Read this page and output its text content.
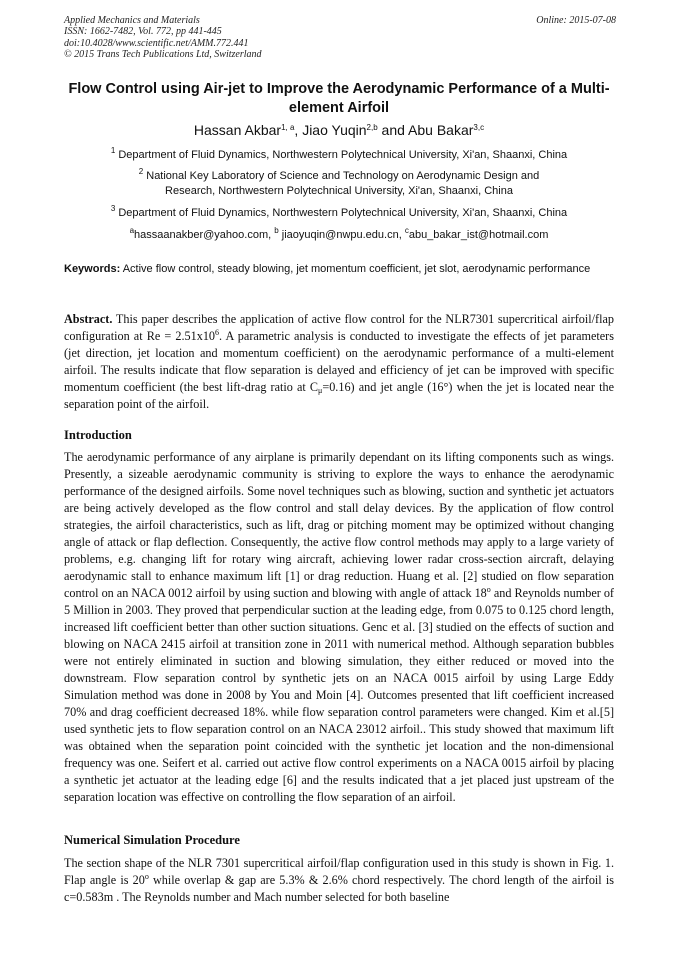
Applied Mechanics and Materials
ISSN: 1662-7482, Vol. 772, pp 441-445
doi:10.4028/www.scientific.net/AMM.772.441
© 2015 Trans Tech Publications Ltd, Switzerland
Online: 2015-07-08
Flow Control using Air-jet to Improve the Aerodynamic Performance of a Multi-element Airfoil
Hassan Akbar$^{1, a}$, Jiao Yuqin$^{2,b}$ and Abu Bakar$^{3,c}$
$^1$ Department of Fluid Dynamics, Northwestern Polytechnical University, Xi'an, Shaanxi, China
$^2$ National Key Laboratory of Science and Technology on Aerodynamic Design and Research, Northwestern Polytechnical University, Xi'an, Shaanxi, China
$^3$ Department of Fluid Dynamics, Northwestern Polytechnical University, Xi'an, Shaanxi, China
$^a$hassaanakber@yahoo.com, $^b$ jiaoyuqin@nwpu.edu.cn, $^c$abu_bakar_ist@hotmail.com
Keywords: Active flow control, steady blowing, jet momentum coefficient, jet slot, aerodynamic performance
Abstract. This paper describes the application of active flow control for the NLR7301 supercritical airfoil/flap configuration at $Re = 2.51x10^6$. A parametric analysis is conducted to investigate the effects of jet parameters (jet direction, jet location and momentum coefficient) on the aerodynamic performance of a multi-element airfoil. The results indicate that flow separation is delayed and efficiency of jet can be improved with specific momentum coefficient (the best lift-drag ratio at $C_\mu=0.16$) and jet angle (16°) when the jet is located near the separation point of the airfoil.
Introduction
The aerodynamic performance of any airplane is primarily dependant on its lifting components such as wings. Presently, a sizeable aerodynamic community is striving to explore the ways to enhance the aerodynamic performance of the designed airfoils. Some novel techniques such as blowing, suction and synthetic jet actuators are being actively developed as the flow control and stall delay devices. By the application of flow control strategies, the airfoil characteristics, such as lift, drag or pitching moment may be optimized without changing angle of attack or flap deflection. Consequently, the active flow control methods may apply to a large variety of problems, e.g. changing lift for rotary wing aircraft, achieving lower radar cross-section aircraft, delaying aerodynamic stall to enhance maximum lift [1] or drag reduction. Huang et al. [2] studied on flow separation control on an NACA 0012 airfoil by using suction and blowing with angle of attack 18$^o$ and Reynolds number of 5 Million in 2003. They proved that perpendicular suction at the leading edge, from 0.075 to 0.125 chord length, increased lift coefficient better than other suction situations. Genc et al. [3] studied on the effects of suction and blowing on NACA 2415 airfoil at transition zone in 2011 with numerical method. Although separation bubbles were not entirely eliminated in suction and blowing simulation, they either reduced or moved into the downstream. Flow separation control by synthetic jets on an NACA 0015 airfoil by using Large Eddy Simulation method was done in 2008 by You and Moin [4]. Outcomes presented that lift coefficient increased 70% and drag coefficient decreased 18%. while flow separation control parameters were changed. Kim et al.[5] used synthetic jets to flow separation control on an NACA 23012 airfoil.. This study showed that maximum lift was obtained when the separation point coincided with the synthetic jet location and the non-dimensional frequency was one. Seifert et al. carried out active flow control experiments on a NACA 0015 airfoil by placing a synthetic jet actuator at the leading edge [6] and the results indicated that a jet placed just upstream of the separation location was effective on controlling the flow separation of an airfoil.
Numerical Simulation Procedure
The section shape of the NLR 7301 supercritical airfoil/flap configuration used in this study is shown in Fig. 1. Flap angle is 20$^o$ while overlap & gap are 5.3% & 2.6% chord respectively. The chord length of the airfoil is c=0.583m . The Reynolds number and Mach number selected for both baseline
